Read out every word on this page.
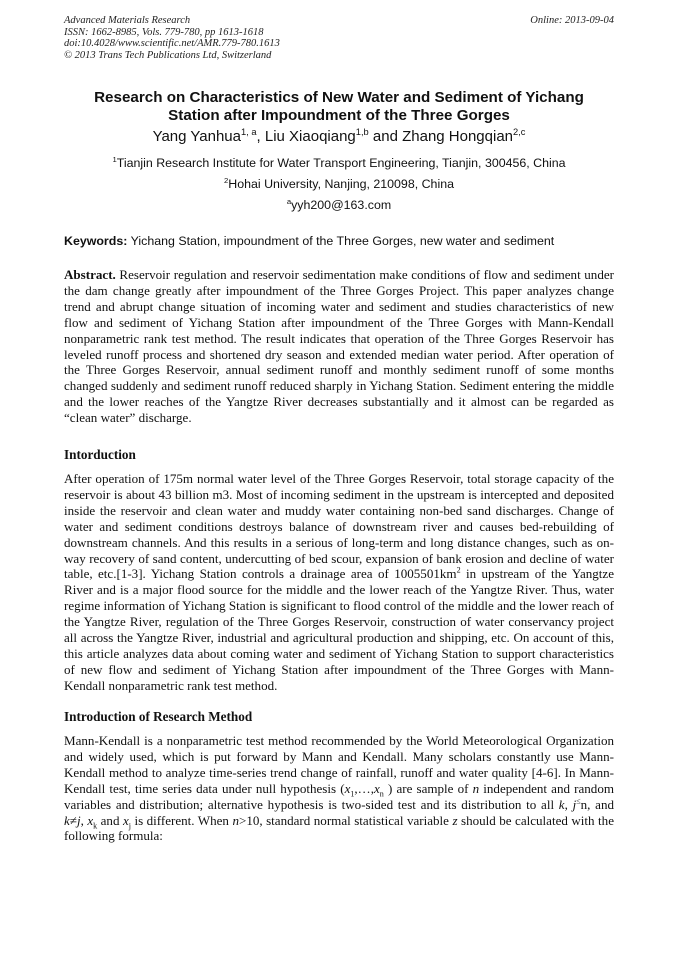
Advanced Materials Research
ISSN: 1662-8985, Vols. 779-780, pp 1613-1618
doi:10.4028/www.scientific.net/AMR.779-780.1613
© 2013 Trans Tech Publications Ltd, Switzerland
Online: 2013-09-04
Research on Characteristics of New Water and Sediment of Yichang
Station after Impoundment of the Three Gorges
Yang Yanhua$^{1, a}$, Liu Xiaoqiang$^{1,b}$ and Zhang Hongqian$^{2,c}$
$^1$Tianjin Research Institute for Water Transport Engineering, Tianjin, 300456, China
$^2$Hohai University, Nanjing, 210098, China
$^a$yyh200@163.com
Keywords: Yichang Station, impoundment of the Three Gorges, new water and sediment
Abstract. Reservoir regulation and reservoir sedimentation make conditions of flow and sediment under the dam change greatly after impoundment of the Three Gorges Project. This paper analyzes change trend and abrupt change situation of incoming water and sediment and studies characteristics of new flow and sediment of Yichang Station after impoundment of the Three Gorges with Mann-Kendall nonparametric rank test method. The result indicates that operation of the Three Gorges Reservoir has leveled runoff process and shortened dry season and extended median water period. After operation of the Three Gorges Reservoir, annual sediment runoff and monthly sediment runoff of some months changed suddenly and sediment runoff reduced sharply in Yichang Station. Sediment entering the middle and the lower reaches of the Yangtze River decreases substantially and it almost can be regarded as “clean water” discharge.
Intorduction
After operation of 175m normal water level of the Three Gorges Reservoir, total storage capacity of the reservoir is about 43 billion m3. Most of incoming sediment in the upstream is intercepted and deposited inside the reservoir and clean water and muddy water containing non-bed sand discharges. Change of water and sediment conditions destroys balance of downstream river and causes bed-rebuilding of downstream channels. And this results in a serious of long-term and long distance changes, such as on-way recovery of sand content, undercutting of bed scour, expansion of bank erosion and decline of water table, etc.[1-3]. Yichang Station controls a drainage area of $1005501km^2$ in upstream of the Yangtze River and is a major flood source for the middle and the lower reach of the Yangtze River. Thus, water regime information of Yichang Station is significant to flood control of the middle and the lower reach of the Yangtze River, regulation of the Three Gorges Reservoir, construction of water conservancy project all across the Yangtze River, industrial and agricultural production and shipping, etc. On account of this, this article analyzes data about coming water and sediment of Yichang Station to support characteristics of new flow and sediment of Yichang Station after impoundment of the Three Gorges with Mann-Kendall nonparametric rank test method.
Introduction of Research Method
Mann-Kendall is a nonparametric test method recommended by the World Meteorological Organization and widely used, which is put forward by Mann and Kendall. Many scholars constantly use Mann-Kendall method to analyze time-series trend change of rainfall, runoff and water quality [4-6]. In Mann-Kendall test, time series data under null hypothesis ($x_1,\dots,x_n$ ) are sample of n independent and random variables and distribution; alternative hypothesis is two-sided test and its distribution to all k, j≤n, and k≠j, $x_k$ and $x_j$ is different. When n>10, standard normal statistical variable z should be calculated with the following formula:
